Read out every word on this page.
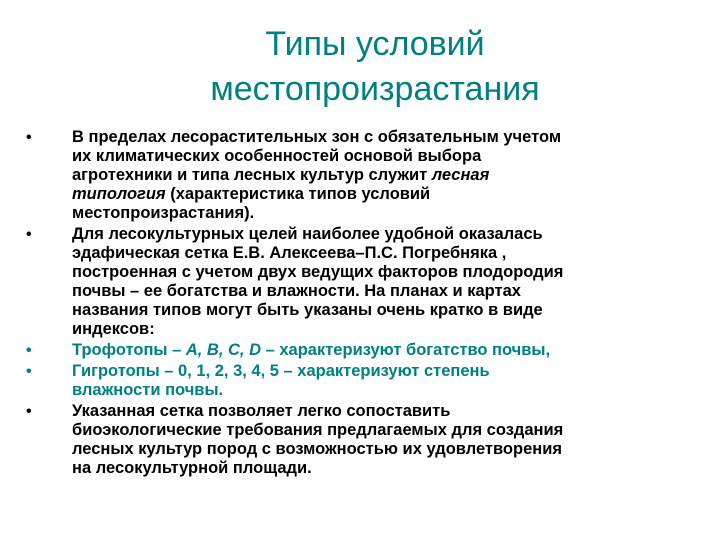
Типы условий
местопроизрастания
•	В пределах лесорастительных зон с обязательным учетом
их климатических особенностей основой выбора
агротехники и типа лесных культур служит лесная
типология (характеристика типов условий
местопроизрастания).
•	Для лесокультурных целей наиболее удобной оказалась
эдафическая сетка Е.В. Алексеева–П.С. Погребняка ,
построенная с учетом двух ведущих факторов плодородия
почвы – ее богатства и влажности. На планах и картах
названия типов могут быть указаны очень кратко в виде
индексов:
•	Трофотопы – А, В, С, D – характеризуют богатство почвы,
•	Гигротопы – 0, 1, 2, 3, 4, 5 – характеризуют степень
влажности почвы.
•	Указанная сетка позволяет легко сопоставить
биоэкологические требования предлагаемых для создания
лесных культур пород с возможностью их удовлетворения
на лесокультурной площади.
